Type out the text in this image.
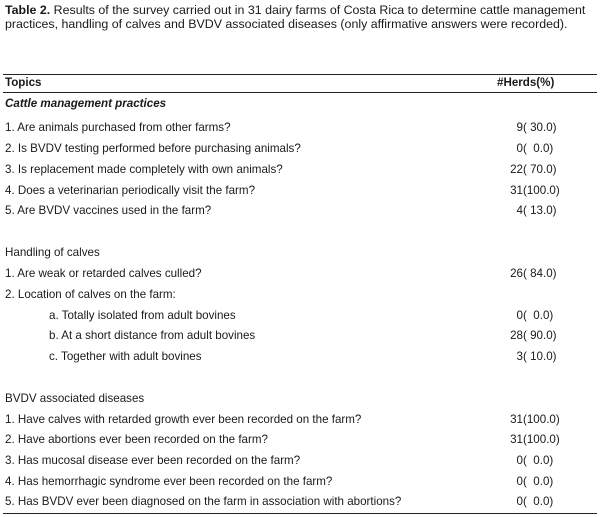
Table 2. Results of the survey carried out in 31 dairy farms of Costa Rica to determine cattle management practices, handling of calves and BVDV associated diseases (only affirmative answers were recorded).

Topics	#Herds(%)
Cattle management practices
1. Are animals purchased from other farms?	9 ( 30.0)
2. Is BVDV testing performed before purchasing animals?	0 (  0.0)
3. Is replacement made completely with own animals?	22 ( 70.0)
4. Does a veterinarian periodically visit the farm?	31 (100.0)
5. Are BVDV vaccines used in the farm?	4 ( 13.0)
Handling of calves
1. Are weak or retarded calves culled?	26 ( 84.0)
2. Location of calves on the farm:
a. Totally isolated from adult bovines	0 (  0.0)
b. At a short distance from adult bovines	28 ( 90.0)
c. Together with adult bovines	3 ( 10.0)
BVDV associated diseases
1. Have calves with retarded growth ever been recorded on the farm?	31 (100.0)
2. Have abortions ever been recorded on the farm?	31 (100.0)
3. Has mucosal disease ever been recorded on the farm?	0 (  0.0)
4. Has hemorrhagic syndrome ever been recorded on the farm?	0 (  0.0)
5. Has BVDV ever been diagnosed on the farm in association with abortions?	0 (  0.0)
